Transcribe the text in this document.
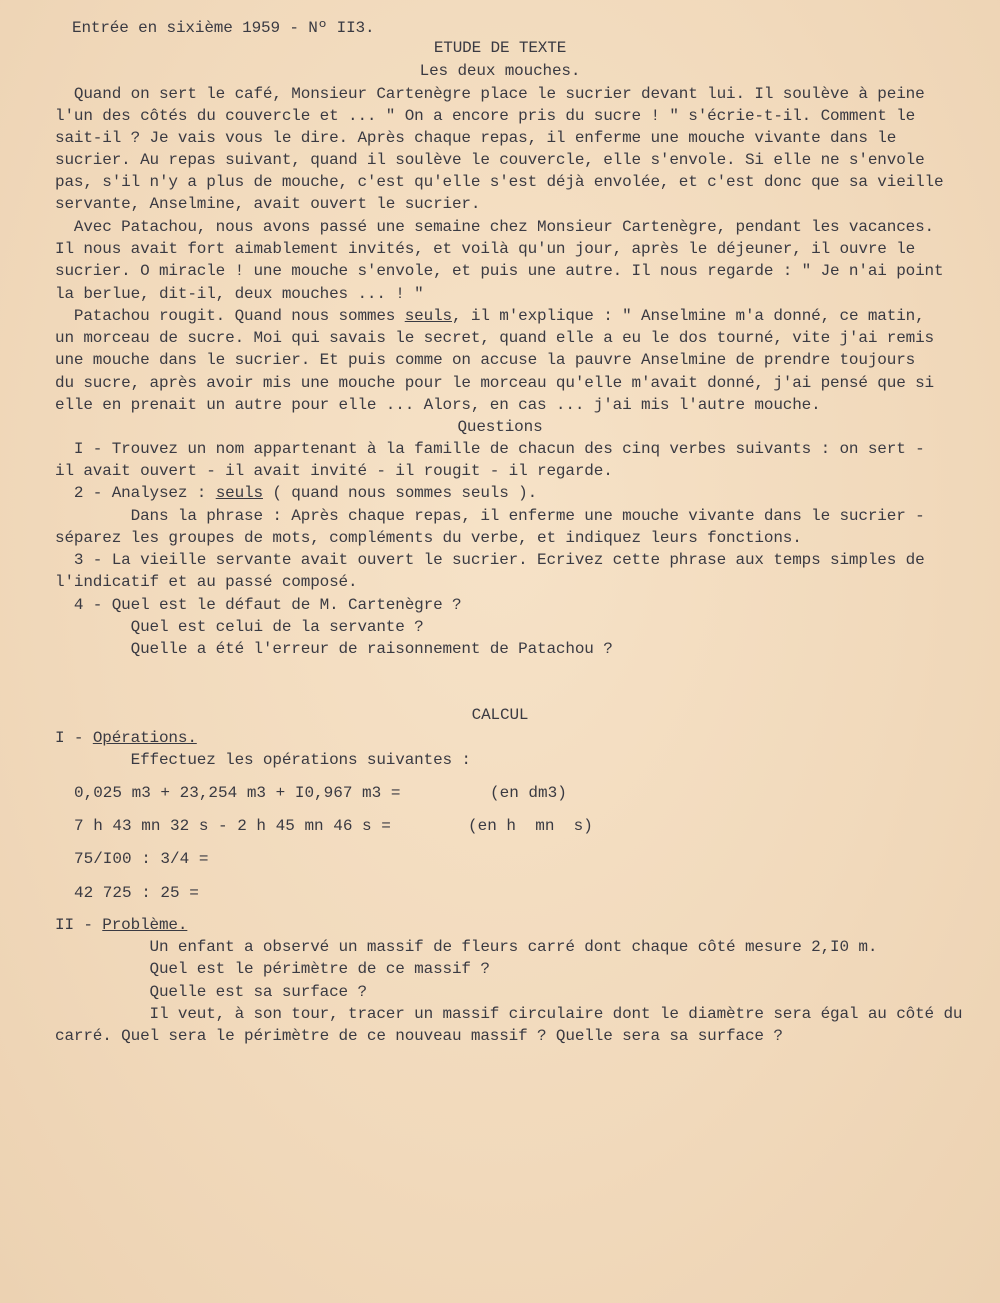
Entrée en sixième 1959 - Nº II3.

ETUDE DE TEXTE

Les deux mouches.

Quand on sert le café, Monsieur Cartenègre place le sucrier devant lui. Il soulève à peine

l'un des côtés du couvercle et ... " On a encore pris du sucre ! " s'écrie-t-il. Comment le

sait-il ? Je vais vous le dire. Après chaque repas, il enferme une mouche vivante dans le

sucrier. Au repas suivant, quand il soulève le couvercle, elle s'envole. Si elle ne s'envole

pas, s'il n'y a plus de mouche, c'est qu'elle s'est déjà envolée, et c'est donc que sa vieille

servante, Anselmine, avait ouvert le sucrier.

Avec Patachou, nous avons passé une semaine chez Monsieur Cartenègre, pendant les vacances.

Il nous avait fort aimablement invités, et voilà qu'un jour, après le déjeuner, il ouvre le

sucrier. O miracle ! une mouche s'envole, et puis une autre. Il nous regarde : " Je n'ai point

la berlue, dit-il, deux mouches ... ! "

Patachou rougit. Quand nous sommes seuls, il m'explique : " Anselmine m'a donné, ce matin,

un morceau de sucre. Moi qui savais le secret, quand elle a eu le dos tourné, vite j'ai remis

une mouche dans le sucrier. Et puis comme on accuse la pauvre Anselmine de prendre toujours

du sucre, après avoir mis une mouche pour le morceau qu'elle m'avait donné, j'ai pensé que si

elle en prenait un autre pour elle ... Alors, en cas ... j'ai mis l'autre mouche.

Questions

I - Trouvez un nom appartenant à la famille de chacun des cinq verbes suivants : on sert -

il avait ouvert - il avait invité - il rougit - il regarde.

2 - Analysez : seuls ( quand nous sommes seuls ).

Dans la phrase : Après chaque repas, il enferme une mouche vivante dans le sucrier -

séparez les groupes de mots, compléments du verbe, et indiquez leurs fonctions.

3 - La vieille servante avait ouvert le sucrier. Ecrivez cette phrase aux temps simples de

l'indicatif et au passé composé.

4 - Quel est le défaut de M. Cartenègre ?

Quel est celui de la servante ?

Quelle a été l'erreur de raisonnement de Patachou ?

CALCUL

I - Opérations.

Effectuez les opérations suivantes :

0,025 m3 + 23,254 m3 + I0,967 m3 =	(en dm3)

7 h 43 mn 32 s - 2 h 45 mn 46 s =	(en h  mn  s)

75/I00 : 3/4 =

42 725 : 25 =

II - Problème.

Un enfant a observé un massif de fleurs carré dont chaque côté mesure 2,I0 m.

Quel est le périmètre de ce massif ?

Quelle est sa surface ?

Il veut, à son tour, tracer un massif circulaire dont le diamètre sera égal au côté du

carré. Quel sera le périmètre de ce nouveau massif ? Quelle sera sa surface ?
